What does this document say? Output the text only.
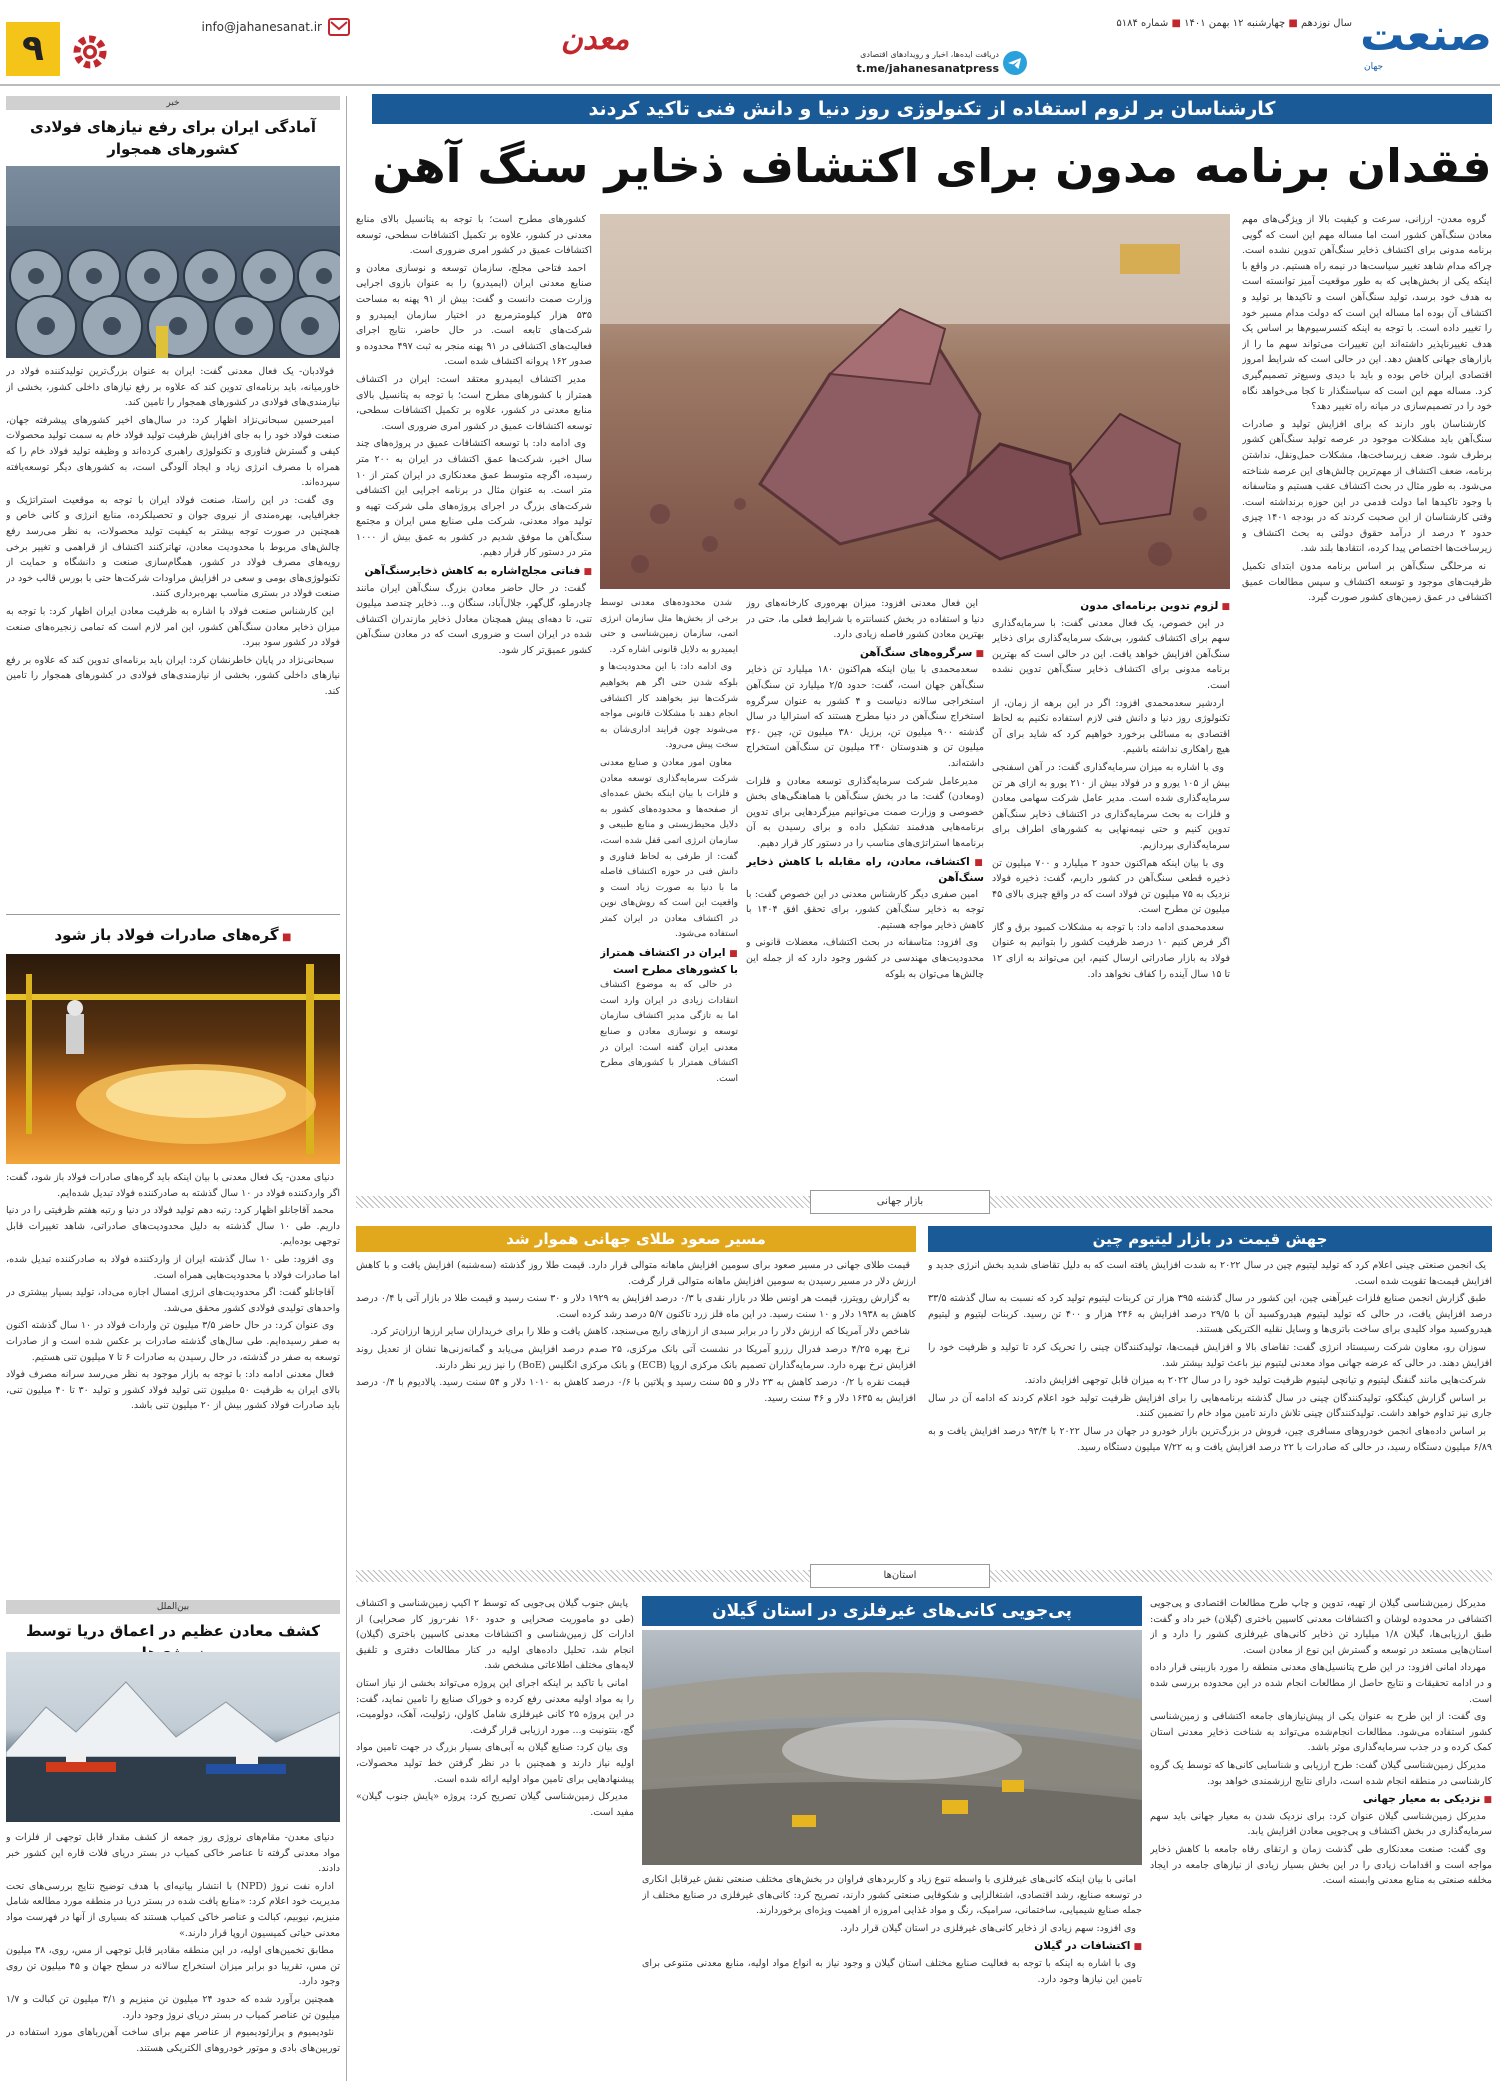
صنعت
جهان
سال نوزدهم ■ چهارشنبه ۱۲ بهمن ۱۴۰۱ ■ شماره ۵۱۸۴
دریافت ایده‌ها، اخبار و رویدادهای اقتصادی
t.me/jahanesanatpress
معدن
info@jahanesanat.ir
۹
خبر
آمادگی ایران برای رفع نیازهای فولادی کشورهای همجوار

فولادبان- یک فعال معدنی گفت: ایران به عنوان بزرگ‌ترین تولیدکننده فولاد در خاورمیانه، باید برنامه‌ای تدوین کند که علاوه بر رفع نیازهای داخلی کشور، بخشی از نیازمندی‌های فولادی در کشورهای همجوار را تامین کند.

امیرحسین سبحانی‌نژاد اظهار کرد: در سال‌های اخیر کشورهای پیشرفته جهان، صنعت فولاد خود را به جای افزایش ظرفیت تولید فولاد خام به سمت تولید محصولات کیفی و گسترش فناوری و تکنولوژی راهبری کرده‌اند و وظیفه تولید فولاد خام را که همراه با مصرف انرژی زیاد و ایجاد آلودگی است، به کشورهای دیگر توسعه‌یافته سپرده‌اند.

وی گفت: در این راستا، صنعت فولاد ایران با توجه به موقعیت استراتژیک و جغرافیایی، بهره‌مندی از نیروی جوان و تحصیلکرده، منابع انرژی و کانی خاص و همچنین در صورت توجه بیشتر به کیفیت تولید محصولات، به نظر می‌رسد رفع چالش‌های مربوط با محدودیت معادن، تهاتر‌کنند اکتشاف از قراهمی و تغییر برخی رویه‌های مصرف فولاد در کشور، همگام‌سازی صنعت و دانشگاه و حمایت از تکنولوژی‌های بومی و سعی در افزایش مراودات شرکت‌ها حتی با بورس قالب خود در صنعت فولاد در بستری مناسب بهره‌برداری کنند.

این کارشناس صنعت فولاد با اشاره به ظرفیت معادن ایران اظهار کرد: با توجه به میزان ذخایر معادن سنگ‌آهن کشور، این امر لازم است که تمامی زنجیره‌های صنعت فولاد در کشور سود ببرد.

سبحانی‌نژاد در پایان خاطرنشان کرد: ایران باید برنامه‌ای تدوین کند که علاوه بر رفع نیازهای داخلی کشور، بخشی از نیازمندی‌های فولادی در کشورهای همجوار را تامین کند.

■ گره‌های صادرات فولاد باز شود

دنیای معدن- یک فعال معدنی با بیان اینکه باید گره‌های صادرات فولاد باز شود، گفت: اگر واردکننده فولاد در ۱۰ سال گذشته به صادرکننده فولاد تبدیل شده‌ایم.

محمد آقاجانلو اظهار کرد: رتبه دهم تولید فولاد در دنیا و رتبه هفتم ظرفیتی را در دنیا داریم. طی ۱۰ سال گذشته به دلیل محدودیت‌های صادراتی، شاهد تغییرات قابل توجهی بوده‌ایم.

وی افزود: طی ۱۰ سال گذشته ایران از واردکننده فولاد به صادرکننده تبدیل شده، اما صادرات فولاد با محدودیت‌هایی همراه است.

آقاجانلو گفت: اگر محدودیت‌های انرژی امسال اجازه می‌داد، تولید بسیار بیشتری در واحدهای تولیدی فولادی کشور محقق می‌شد.

وی عنوان کرد: در حال حاضر ۳/۵ میلیون تن واردات فولاد در ۱۰ سال گذشته اکنون به صفر رسیده‌ایم. طی سال‌های گذشته صادرات بر عکس شده است و از صادرات توسعه به صفر در گذشته، در حال رسیدن به صادرات ۶ تا ۷ میلیون تنی هستیم.

فعال معدنی ادامه داد: با توجه به بازار موجود به نظر می‌رسد سرانه مصرف فولاد بالای ایران به ظرفیت ۵۰ میلیون تنی تولید فولاد کشور و تولید ۳۰ تا ۴۰ میلیون تنی، باید صادرات فولاد کشور بیش از ۲۰ میلیون تنی باشد.

بین‌الملل
کشف معادن عظیم در اعماق دریا توسط

دنیای معدن- مقام‌های نروژی روز جمعه از کشف مقدار قابل توجهی از فلزات و مواد معدنی گرفته تا عناصر خاکی کمیاب در بستر دریای فلات قاره این کشور خبر دادند.

اداره نفت نروژ (NPD) با انتشار بیانیه‌ای با هدف توضیح نتایج بررسی‌های تحت مدیریت خود اعلام کرد: «منابع یافت شده در بستر دریا در منطقه مورد مطالعه شامل منیزیم، نیوبیم، کبالت و عناصر خاکی کمیاب هستند که بسیاری از آنها در فهرست مواد معدنی حیاتی کمیسیون اروپا قرار دارند.»

مطابق تخمین‌های اولیه، در این منطقه مقادیر قابل توجهی از مس، روی، ۳۸ میلیون تن مس، تقریبا دو برابر میزان استخراج سالانه در سطح جهان و ۴۵ میلیون تن روی وجود دارد.

همچنین برآورد شده که حدود ۲۴ میلیون تن منیزیم و ۳/۱ میلیون تن کبالت و ۱/۷ میلیون تن عناصر کمیاب در بستر دریای نروژ وجود دارد.

نئودیمیوم و پرازئودیمیوم از عناصر مهم برای ساخت آهن‌رباهای مورد استفاده در توربین‌های بادی و موتور خودروهای الکتریکی هستند.

کارشناسان بر لزوم استفاده از تکنولوژی روز دنیا و دانش فنی تاکید کردند
فقدان برنامه مدون برای اکتشاف ذخایر سنگ آهن

گروه معدن- ارزانی، سرعت و کیفیت بالا از ویژگی‌های مهم معادن سنگ‌آهن کشور است اما مساله مهم این است که گویی برنامه مدونی برای اکتشاف ذخایر سنگ‌آهن تدوین نشده است. چراکه مدام شاهد تغییر سیاست‌ها در نیمه راه هستیم. در واقع با اینکه یکی از بخش‌هایی که به طور موقعیت آمیز توانسته است به هدف خود برسد، تولید سنگ‌آهن است و تاکیدها بر تولید و اکتشاف آن بوده اما مساله این است که دولت مدام مسیر خود را تغییر داده است. با توجه به اینکه کنسرسیوم‌ها بر اساس یک هدف تغییرناپذیر داشته‌اند این تغییرات می‌تواند سهم ما را از بازارهای جهانی کاهش دهد. این در حالی است که شرایط امروز اقتصادی ایران خاص بوده و باید با دیدی وسیع‌تر تصمیم‌گیری کرد. مساله مهم این است که سیاستگذار تا کجا می‌خواهد نگاه خود را در تصمیم‌سازی در میانه راه تغییر دهد؟

کارشناسان باور دارند که برای افزایش تولید و صادرات سنگ‌آهن باید مشکلات موجود در عرصه تولید سنگ‌آهن کشور برطرف شود. ضعف زیرساخت‌ها، مشکلات حمل‌ونقل، نداشتن برنامه، ضعف اکتشاف از مهم‌ترین چالش‌های این عرصه شناخته می‌شود. به طور مثال در بحث اکتشاف عقب هستیم و متاسفانه با وجود تاکیدها اما دولت قدمی در این حوزه برنداشته است. وقتی کارشناسان از این صحبت کردند که در بودجه ۱۴۰۱ چیزی حدود ۲ درصد از درآمد حقوق دولتی به بحث اکتشاف و زیرساخت‌ها اختصاص پیدا کرده، انتقادها بلند شد.

نه مرحلگی سنگ‌آهن بر اساس برنامه مدون ابتدای تکمیل ظرفیت‌های موجود و توسعه اکتشاف و سپس مطالعات عمیق اکتشافی در عمق زمین‌های کشور صورت گیرد.

■ لزوم تدوین برنامه‌ای مدون

در این خصوص، یک فعال معدنی گفت: با سرمایه‌گذاری سهم برای اکتشاف کشور، بی‌شک سرمایه‌گذاری برای ذخایر سنگ‌آهن افزایش خواهد یافت. این در حالی است که بهترین برنامه مدونی برای اکتشاف ذخایر سنگ‌آهن تدوین نشده است.

اردشیر سعدمحمدی افزود: اگر در این برهه از زمان، از تکنولوژی روز دنیا و دانش فنی لازم استفاده نکنیم به لحاظ اقتصادی به مسائلی برخورد خواهیم کرد که شاید برای آن هیچ راهکاری نداشته باشیم.

وی با اشاره به میزان سرمایه‌گذاری گفت: در آهن اسفنجی بیش از ۱۰۵ یورو و در فولاد بیش از ۲۱۰ یورو به ازای هر تن سرمایه‌گذاری شده است. مدیر عامل شرکت سهامی معادن و فلزات به بحث سرمایه‌گذاری در اکتشاف ذخایر سنگ‌آهن تدوین کنیم و حتی نیمه‌نهایی به کشورهای اطراف برای سرمایه‌گذاری بپردازیم.

وی با بیان اینکه هم‌اکنون حدود ۲ میلیارد و ۷۰۰ میلیون تن ذخیره قطعی سنگ‌آهن در کشور داریم، گفت: ذخیره فولاد نزدیک به ۷۵ میلیون تن فولاد است که در واقع چیزی بالای ۴۵ میلیون تن مطرح است.

سعدمحمدی ادامه داد: با توجه به مشکلات کمبود برق و گاز اگر فرض کنیم ۱۰ درصد ظرفیت کشور را بتوانیم به عنوان فولاد به بازار صادراتی ارسال کنیم، این می‌تواند به ازای ۱۲ تا ۱۵ سال آینده را کفاف نخواهد داد.

این فعال معدنی افزود: میزان بهره‌وری کارخانه‌های روز دنیا و استفاده در بخش کنسانتره با شرایط فعلی ما، حتی در بهترین معادن کشور فاصله زیادی دارد.

■ سرگروه‌های سنگ‌آهن

سعدمحمدی با بیان اینکه هم‌اکنون ۱۸۰ میلیارد تن ذخایر سنگ‌آهن جهان است، گفت: حدود ۲/۵ میلیارد تن سنگ‌آهن استخراجی سالانه دنیاست و ۴ کشور به عنوان سرگروه استخراج سنگ‌آهن در دنیا مطرح هستند که استرالیا در سال گذشته ۹۰۰ میلیون تن، برزیل ۳۸۰ میلیون تن، چین ۳۶۰ میلیون تن و هندوستان ۲۴۰ میلیون تن سنگ‌آهن استخراج داشته‌اند.

مدیرعامل شرکت سرمایه‌گذاری توسعه معادن و فلزات (ومعادن) گفت: ما در بخش سنگ‌آهن با هماهنگی‌های بخش خصوصی و وزارت صمت می‌توانیم میزگردهایی برای تدوین برنامه‌هایی هدفمند تشکیل داده و برای رسیدن به آن برنامه‌ها استراتژی‌های مناسب را در دستور کار قرار دهیم.

■ اکتشاف، معادن، راه مقابله با کاهش ذخایر سنگ‌آهن

امین صفری دیگر کارشناس معدنی در این خصوص گفت: با توجه به ذخایر سنگ‌آهن کشور، برای تحقق افق ۱۴۰۴ با کاهش ذخایر مواجه هستیم.

وی افزود: متاسفانه در بحث اکتشاف، معضلات قانونی و محدودیت‌های مهندسی در کشور وجود دارد که از جمله این چالش‌ها می‌توان به بلوکه

شدن محدوده‌های معدنی توسط برخی از بخش‌ها مثل سازمان انرژی اتمی، سازمان زمین‌شناسی و حتی ایمیدرو به دلایل قانونی اشاره کرد.

وی ادامه داد: با این محدودیت‌ها و بلوکه شدن حتی اگر هم بخواهیم شرکت‌ها نیز بخواهند کار اکتشافی انجام دهند با مشکلات قانونی مواجه می‌شوند چون فرایند اداری‌شان به سخت پیش می‌رود.

معاون امور معادن و صنایع معدنی شرکت سرمایه‌گذاری توسعه معادن و فلزات با بیان اینکه بخش عمده‌ای از صفحه‌ها و محدوده‌های کشور به دلایل محیط‌زیستی و منابع طبیعی و سازمان انرژی اتمی قفل شده است، گفت: از طرفی به لحاظ فناوری و دانش فنی در حوزه اکتشاف فاصله ما با دنیا به صورت زیاد است و واقعیت این است که روش‌های نوین در اکتشاف معادن در ایران کمتر استفاده می‌شود.

■ ایران در اکتشاف همتراز با کشورهای مطرح است

در حالی که به موضوع اکتشاف انتقادات زیادی در ایران وارد است اما به تازگی مدیر اکتشاف سازمان توسعه و نوسازی معادن و صنایع معدنی ایران گفته است: ایران در اکتشاف همتراز با کشورهای مطرح است.

کشورهای مطرح است؛ با توجه به پتانسیل بالای منابع معدنی در کشور، علاوه بر تکمیل اکتشافات سطحی، توسعه اکتشافات عمیق در کشور امری ضروری است.

احمد فتاحی مجلج، سازمان توسعه و نوسازی معادن و صنایع معدنی ایران (ایمیدرو) را به عنوان بازوی اجرایی وزارت صمت دانست و گفت: بیش از ۹۱ پهنه به مساحت ۵۳۵ هزار کیلومترمربع در اختیار سازمان ایمیدرو و شرکت‌های تابعه است. در حال حاضر، نتایج اجرای فعالیت‌های اکتشافی در ۹۱ پهنه منجر به ثبت ۴۹۷ محدوده و صدور ۱۶۲ پروانه اکتشاف شده است.

مدیر اکتشاف ایمیدرو معتقد است: ایران در اکتشاف همتراز با کشورهای مطرح است؛ با توجه به پتانسیل بالای منابع معدنی در کشور، علاوه بر تکمیل اکتشافات سطحی، توسعه اکتشافات عمیق در کشور امری ضروری است.

وی ادامه داد: با توسعه اکتشافات عمیق در پروژه‌های چند سال اخیر، شرکت‌ها عمق اکتشاف در ایران به ۲۰۰ متر رسیده، اگرچه متوسط عمق معدنکاری در ایران کمتر از ۱۰ متر است. به عنوان مثال در برنامه اجرایی این اکتشافی شرکت‌های بزرگ در اجرای پروژه‌های ملی شرکت تهیه و تولید مواد معدنی، شرکت ملی صنایع مس ایران و مجتمع سنگ‌آهن ما موفق شدیم در کشور به عمق بیش از ۱۰۰۰ متر در دستور کار قرار دهیم.

■ فناتی مجلج‌اشاره به کاهش ذخایرسنگ‌آهن

گفت: در حال حاضر معادن بزرگ سنگ‌آهن ایران مانند چادرملو، گل‌گهر، جلال‌آباد، سنگان و... ذخایر چندصد میلیون تنی، تا دهه‌ای پیش همچنان معادل ذخایر مازندران اکتشاف شده در ایران است و ضروری است که در معادن سنگ‌آهن کشور عمیق‌تر کار شود.

بازار جهانی
جهش قیمت در بازار لیتیوم چین

یک انجمن صنعتی چینی اعلام کرد که تولید لیتیوم چین در سال ۲۰۲۲ به شدت افزایش یافته است که به دلیل تقاضای شدید بخش انرژی جدید و افزایش قیمت‌ها تقویت شده است.

طبق گزارش انجمن صنایع فلزات غیرآهنی چین، این کشور در سال گذشته ۳۹۵ هزار تن کربنات لیتیوم تولید کرد که نسبت به سال گذشته ۳۳/۵ درصد افزایش یافت، در حالی که تولید لیتیوم هیدروکسید آن با ۲۹/۵ درصد افزایش به ۲۴۶ هزار و ۴۰۰ تن رسید. کربنات لیتیوم و لیتیوم هیدروکسید مواد کلیدی برای ساخت باتری‌ها و وسایل نقلیه الکتریکی هستند.

سوزان رو، معاون شرکت رسیستاد انرژی گفت: تقاضای بالا و افزایش قیمت‌ها، تولیدکنندگان چینی را تحریک کرد تا تولید و ظرفیت خود را افزایش دهند. در حالی که عرضه جهانی مواد معدنی لیتیوم نیز باعث تولید بیشتر شد.

شرکت‌هایی مانند گنفنگ لیتیوم و تیانچی لیتیوم ظرفیت تولید خود را در سال ۲۰۲۲ به میزان قابل توجهی افزایش دادند.

بر اساس گزارش کینگکو، تولیدکنندگان چینی در سال گذشته برنامه‌هایی را برای افزایش ظرفیت تولید خود اعلام کردند که ادامه آن در سال جاری نیز تداوم خواهد داشت. تولیدکنندگان چینی تلاش دارند تامین مواد خام را تضمین کنند.

بر اساس داده‌های انجمن خودروهای مسافری چین، فروش در بزرگ‌ترین بازار خودرو در جهان در سال ۲۰۲۲ با ۹۳/۴ درصد افزایش یافت و به ۶/۸۹ میلیون دستگاه رسید، در حالی که صادرات با ۲۲ درصد افزایش یافت و به ۷/۲۲ میلیون دستگاه رسید.

مسیر صعود طلای جهانی هموار شد

قیمت طلای جهانی در مسیر صعود برای سومین افزایش ماهانه متوالی قرار دارد. قیمت طلا روز گذشته (سه‌شنبه) افزایش یافت و با کاهش ارزش دلار در مسیر رسیدن به سومین افزایش ماهانه متوالی قرار گرفت.

به گزارش رویترز، قیمت هر اونس طلا در بازار نقدی با ۰/۳ درصد افزایش به ۱۹۲۹ دلار و ۳۰ سنت رسید و قیمت طلا در بازار آتی با ۰/۴ درصد کاهش به ۱۹۳۸ دلار و ۱۰ سنت رسید. در این ماه فلز زرد تاکنون ۵/۷ درصد رشد کرده است.

شاخص دلار آمریکا که ارزش دلار را در برابر سبدی از ارزهای رایج می‌سنجد، کاهش یافت و طلا را برای خریداران سایر ارزها ارزان‌تر کرد.

نرخ بهره ۴/۲۵ درصد فدرال رزرو آمریکا در نشست آتی بانک مرکزی، ۲۵ صدم درصد افزایش می‌یابد و گمانه‌زنی‌ها نشان از تعدیل روند افزایش نرخ بهره دارد. سرمایه‌گذاران تصمیم بانک مرکزی اروپا (ECB) و بانک مرکزی انگلیس (BoE) را نیز زیر نظر دارند.

قیمت نقره با ۰/۲ درصد کاهش به ۲۳ دلار و ۵۵ سنت رسید و پلاتین با ۰/۶ درصد کاهش به ۱۰۱۰ دلار و ۵۴ سنت رسید. پالادیوم با ۰/۴ درصد افزایش به ۱۶۳۵ دلار و ۴۶ سنت رسید.

استان‌ها
پی‌جویی کانی‌های غیرفلزی در استان گیلان	مدیرکل زمین‌شناسی گیلان از تهیه، تدوین و چاپ طرح مطالعات اقتصادی و پی‌جویی اکتشافی در محدوده لوشان و اکتشافات معدنی کاسپین باختری (گیلان) خبر داد و گفت: طبق ارزیابی‌ها، گیلان ۱/۸ میلیارد تن ذخایر کانی‌های غیرفلزی کشور را دارد و از استان‌هایی مستعد در توسعه و گسترش این نوع از معادن است.

مهرداد امانی افزود: در این طرح پتانسیل‌های معدنی منطقه را مورد بازبینی قرار داده و در ادامه تحقیقات و نتایج حاصل از مطالعات انجام شده در این محدوده بررسی شده است.

وی گفت: از این طرح به عنوان یکی از پیش‌نیازهای جامعه اکتشافی و زمین‌شناسی کشور استفاده می‌شود. مطالعات انجام‌شده می‌تواند به شناخت ذخایر معدنی استان کمک کرده و در جذب سرمایه‌گذاری موثر باشد.

مدیرکل زمین‌شناسی گیلان گفت: طرح ارزیابی و شناسایی کانی‌ها که توسط یک گروه کارشناسی در منطقه انجام شده است، دارای نتایج ارزشمندی خواهد بود.

■ نزدیکی به معیار جهانی

مدیرکل زمین‌شناسی گیلان عنوان کرد: برای نزدیک شدن به معیار جهانی باید سهم سرمایه‌گذاری در بخش اکتشاف و پی‌جویی معادن افزایش یابد.

وی گفت: صنعت معدنکاری طی گذشت زمان و ارتقای رفاه جامعه با کاهش ذخایر مواجه است و اقدامات زیادی را در این بخش بسیار زیادی از نیازهای جامعه در ایجاد مخلفه صنعتی به منابع معدنی وابسته است.

امانی با بیان اینکه کانی‌های غیرفلزی با واسطه تنوع زیاد و کاربردهای فراوان در بخش‌های مختلف صنعتی نقش غیرقابل انکاری در توسعه صنایع، رشد اقتصادی، اشتغالزایی و شکوفایی صنعتی کشور دارند، تصریح کرد: کانی‌های غیرفلزی در صنایع مختلف از جمله صنایع شیمیایی، ساختمانی، سرامیک، رنگ و مواد غذایی امروزه از اهمیت ویژه‌ای برخوردارند.

وی افزود: سهم زیادی از ذخایر کانی‌های غیرفلزی در استان گیلان قرار دارد.

■ اکتشافات در گیلان

وی با اشاره به اینکه با توجه به فعالیت صنایع مختلف استان گیلان و وجود نیاز به انواع مواد اولیه، منابع معدنی متنوعی برای تامین این نیازها وجود دارد.

پایش جنوب گیلان پی‌جویی که توسط ۲ اکیپ زمین‌شناسی و اکتشاف (طی دو ماموریت صحرایی و حدود ۱۶۰ نفر-روز کار صحرایی) از ادارات کل زمین‌شناسی و اکتشافات معدنی کاسپین باختری (گیلان) انجام شد، تحلیل داده‌های اولیه در کنار مطالعات دفتری و تلفیق لایه‌های مختلف اطلاعاتی مشخص شد.

امانی با تاکید بر اینکه اجرای این پروژه می‌تواند بخشی از نیاز استان را به مواد اولیه معدنی رفع کرده و خوراک صنایع را تامین نماید، گفت: در این پروژه ۲۵ کانی غیرفلزی شامل کاولن، زئولیت، آهک، دولومیت، گچ، بنتونیت و... مورد ارزیابی قرار گرفت.

وی بیان کرد: صنایع گیلان به آبی‌های بسیار بزرگ در جهت تامین مواد اولیه نیاز دارند و همچنین با در نظر گرفتن خط تولید محصولات، پیشنهادهایی برای تامین مواد اولیه ارائه شده است.

مدیرکل زمین‌شناسی گیلان تصریح کرد: پروژه «پایش جنوب گیلان» مفید است.
